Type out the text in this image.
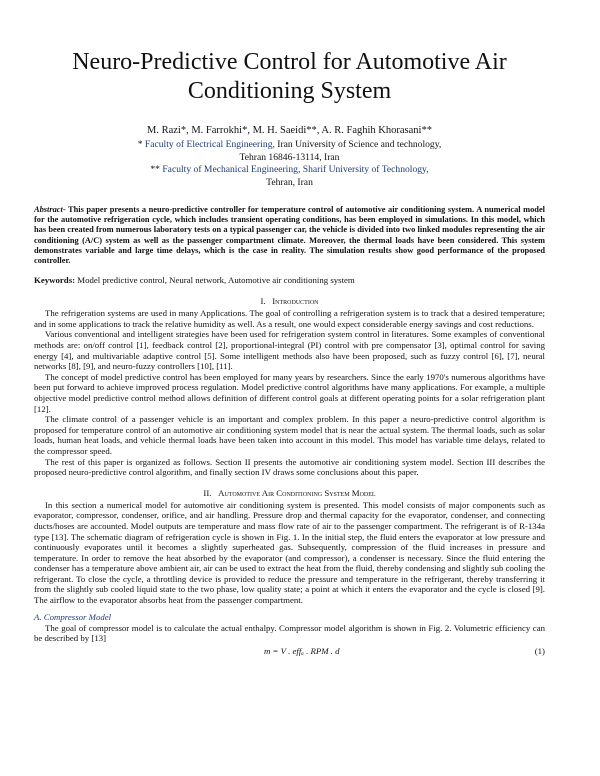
Neuro-Predictive Control for Automotive Air Conditioning System
M. Razi*, M. Farrokhi*, M. H. Saeidi**, A. R. Faghih Khorasani**
* Faculty of Electrical Engineering, Iran University of Science and technology,
Tehran 16846-13114, Iran
** Faculty of Mechanical Engineering, Sharif University of Technology,
Tehran, Iran
Abstract- This paper presents a neuro-predictive controller for temperature control of automotive air conditioning system. A numerical model for the automotive refrigeration cycle, which includes transient operating conditions, has been employed in simulations. In this model, which has been created from numerous laboratory tests on a typical passenger car, the vehicle is divided into two linked modules representing the air conditioning (A/C) system as well as the passenger compartment climate. Moreover, the thermal loads have been considered. This system demonstrates variable and large time delays, which is the case in reality. The simulation results show good performance of the proposed controller.
Keywords: Model predictive control, Neural network, Automotive air conditioning system
I. Introduction

The refrigeration systems are used in many Applications. The goal of controlling a refrigeration system is to track that a desired temperature; and in some applications to track the relative humidity as well. As a result, one would expect considerable energy savings and cost reductions.

Various conventional and intelligent strategies have been used for refrigeration system control in literatures. Some examples of conventional methods are: on/off control [1], feedback control [2], proportional-integral (PI) control with pre compensator [3], optimal control for saving energy [4], and multivariable adaptive control [5]. Some intelligent methods also have been proposed, such as fuzzy control [6], [7], neural networks [8], [9], and neuro-fuzzy controllers [10], [11].

The concept of model predictive control has been employed for many years by researchers. Since the early 1970's numerous algorithms have been put forward to achieve improved process regulation. Model predictive control algorithms have many applications. For example, a multiple objective model predictive control method allows definition of different control goals at different operating points for a solar refrigeration plant [12].

The climate control of a passenger vehicle is an important and complex problem. In this paper a neuro-predictive control algorithm is proposed for temperature control of an automotive air conditioning system model that is near the actual system. The thermal loads, such as solar loads, human heat loads, and vehicle thermal loads have been taken into account in this model. This model has variable time delays, related to the compressor speed.

The rest of this paper is organized as follows. Section II presents the automotive air conditioning system model. Section III describes the proposed neuro-predictive control algorithm, and finally section IV draws some conclusions about this paper.

II. Automotive Air Conditioning System Model

In this section a numerical model for automotive air conditioning system is presented. This model consists of major components such as evaporator, compressor, condenser, orifice, and air handling. Pressure drop and thermal capacity for the evaporator, condenser, and connecting ducts/hoses are accounted. Model outputs are temperature and mass flow rate of air to the passenger compartment. The refrigerant is of R-134a type [13]. The schematic diagram of refrigeration cycle is shown in Fig. 1. In the initial step, the fluid enters the evaporator at low pressure and continuously evaporates until it becomes a slightly superheated gas. Subsequently, compression of the fluid increases in pressure and temperature. In order to remove the heat absorbed by the evaporator (and compressor), a condenser is necessary. Since the fluid entering the condenser has a temperature above ambient air, air can be used to extract the heat from the fluid, thereby condensing and slightly sub cooling the refrigerant. To close the cycle, a throttling device is provided to reduce the pressure and temperature in the refrigerant, thereby transferring it from the slightly sub cooled liquid state to the two phase, low quality state; a point at which it enters the evaporator and the cycle is closed [9]. The airflow to the evaporator absorbs heat from the passenger compartment.

A. Compressor Model

The goal of compressor model is to calculate the actual enthalpy. Compressor model algorithm is shown in Fig. 2. Volumetric efficiency can be described by [13]

m = V . effₐ . RPM . d	(1)
